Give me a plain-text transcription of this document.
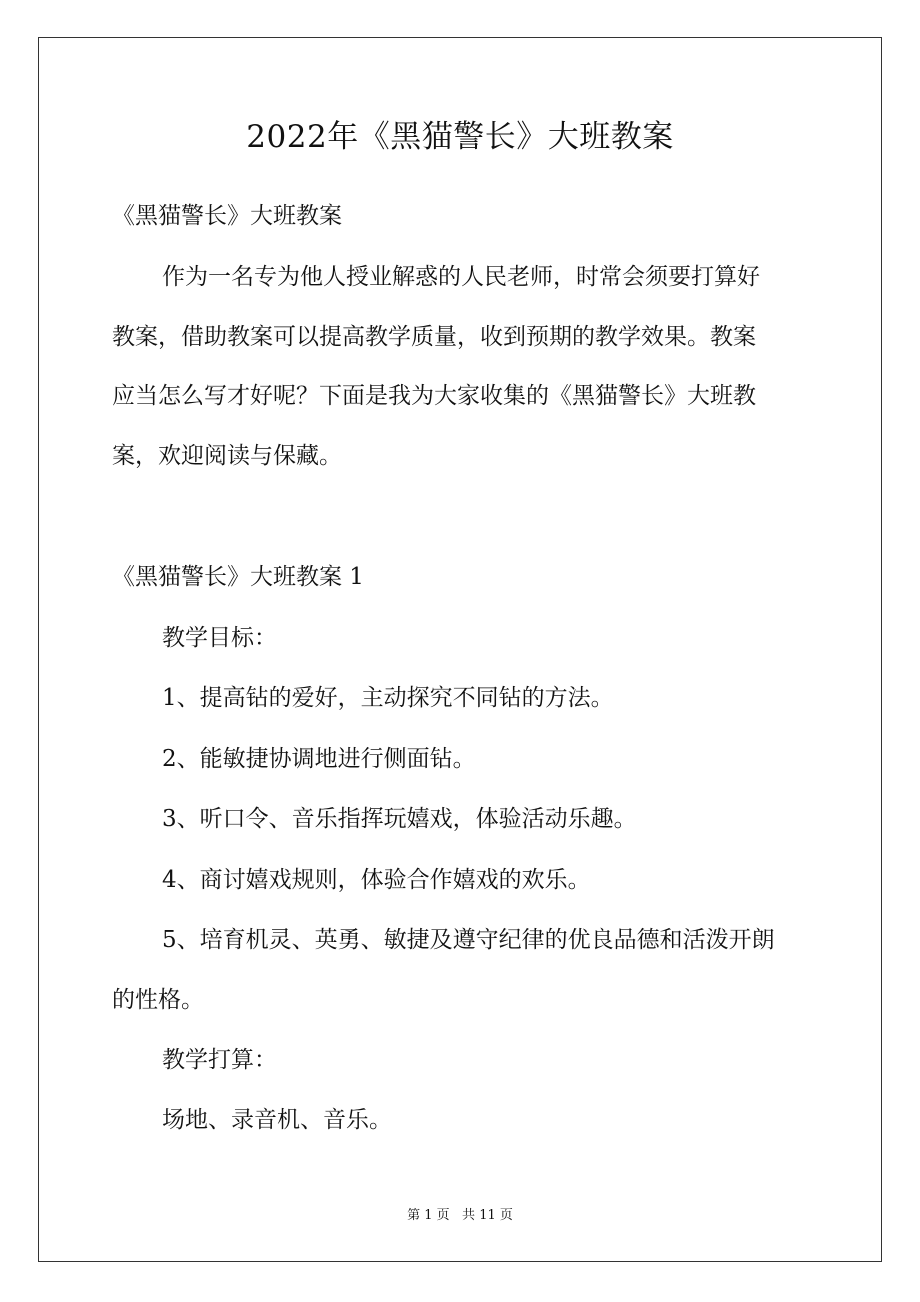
2022年《黑猫警长》大班教案
《黑猫警长》大班教案
作为一名专为他人授业解惑的人民老师，时常会须要打算好
教案，借助教案可以提高教学质量，收到预期的教学效果。教案
应当怎么写才好呢？下面是我为大家收集的《黑猫警长》大班教
案，欢迎阅读与保藏。
《黑猫警长》大班教案 1
教学目标：
1、提高钻的爱好，主动探究不同钻的方法。
2、能敏捷协调地进行侧面钻。
3、听口令、音乐指挥玩嬉戏，体验活动乐趣。
4、商讨嬉戏规则，体验合作嬉戏的欢乐。
5、培育机灵、英勇、敏捷及遵守纪律的优良品德和活泼开朗
的性格。
教学打算：
场地、录音机、音乐。
第 1 页   共 11 页
